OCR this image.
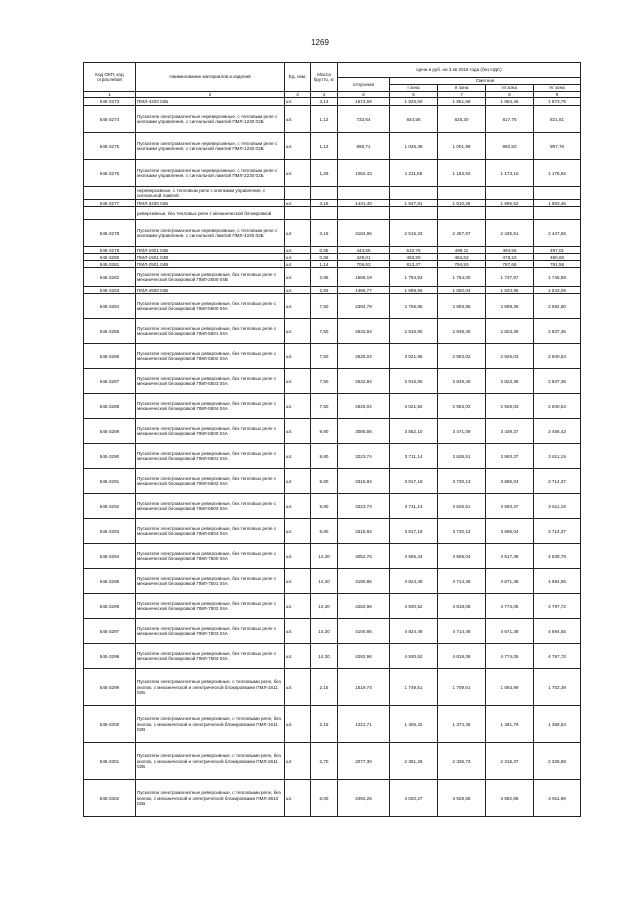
1269
Код ОКП, код отраслевой	Наименование материалов и изделий	Ед. изм.	Масса брутто, кг	Цена в руб. на 3 кв 2018 года (без НДС)				
				отпускная	Сметная			
					I зона	II зона	III зона	IV зона
1	2	3	4	5	6	7	8	9
545-3273	ПМЛ-4220 02Б	шт.	3,14	1672,69	1 925,60	1 851,68	1 864,46	1 873,75
545-3274	Пускатели электромагнитные нереверсивные, с тепловым реле с кнопками управления, с сигнальной лампой ПМЛ-1230 02Б	шт.	1,13	733,64	844,56	825,30	817,76	821,81
545-3275	Пускатели электромагнитные нереверсивные, с тепловым реле с кнопками управления, с сигнальной лампой ПМЛ-1230 02В	шт.	1,13	890,71	1 025,38	1 001,99	992,83	997,76
545-3276	Пускатели электромагнитные нереверсивные, с тепловым реле с кнопками управления, с сигнальной лампой ПМЛ-2230 02Б	шт.	1,29	1052,43	1 211,55	1 183,92	1 173,10	1 176,92
	нереверсивные, с тепловым реле с кнопками управления, с сигнальной лампой							
545-3277	ПМЛ-3230 02Б	шт.	3,16	1431,40	1 647,81	1 610,25	1 595,52	1 603,46
	реверсивные, без тепловых реле с механической блокировкой							
545-3278	Пускатели электромагнитные нереверсивные, с тепловым реле с кнопками управления, с сигнальной лампой ПМЛ-4230 02Б	шт.	3,16	2184,96	2 515,33	2 457,97	2 435,51	2 447,56
545-3279	ПМЛ-1501 04Б	шт.	0,66	443,56	510,76	499,11	494,55	497,01
545-3280	ПМЛ-1501 04В	шт.	0,66	429,01	493,90	482,63	478,22	480,60
545-3281	ПМЛ-2501 04В	шт.	1,14	706,63	813,47	794,93	787,66	791,58
545-3282	Пускатели электромагнитные реверсивные, без тепловых реле с механической блокировкой ПМЛ-2500 04В	шт.	2,85	1559,19	1 794,93	1 754,00	1 737,97	1 746,59
545-3283	ПМЛ-4500 04Б	шт.	2,83	1466,77	1 688,55	1 650,04	1 634,95	1 643,09
545-3284	Пускатели электромагнитные реверсивные, без тепловых реле с механической блокировкой ПМЛ-5500 04А	шт.	7,50	2394,78	2 756,85	2 693,95	2 669,36	2 682,60
545-3285	Пускатели электромагнитные реверсивные, без тепловых реле с механической блокировкой ПМЛ-5501 04А	шт.	7,50	2532,94	2 915,90	2 849,40	2 823,36	2 837,36
545-3286	Пускатели электромагнитные реверсивные, без тепловых реле с механической блокировкой ПМЛ-5502 04А	шт.	7,50	2625,04	3 021,95	2 953,02	2 926,03	2 940,54
545-3287	Пускатели электромагнитные реверсивные, без тепловых реле с механической блокировкой ПМЛ-5503 04А	шт.	7,50	2532,94	2 915,90	2 849,40	2 823,36	2 837,36
545-3288	Пускатели электромагнитные реверсивные, без тепловых реле с механической блокировкой ПМЛ-5504 04А	шт.	7,50	2625,04	3 021,92	2 953,02	2 926,03	2 940,54
545-3289	Пускатели электромагнитные реверсивные, без тепловых реле с механической блокировкой ПМЛ-6500 04А	шт.	9,80	3085,56	3 552,10	3 471,09	3 439,37	3 456,42
545-3290	Пускатели электромагнитные реверсивные, без тепловых реле с механической блокировкой ПМЛ-6501 04А	шт.	9,80	3223,74	3 711,14	3 626,51	3 593,37	3 611,19
545-3291	Пускатели электромагнитные реверсивные, без тепловых реле с механической блокировкой ПМЛ-6502 04А	шт.	9,80	3315,84	3 817,18	3 730,13	3 696,04	3 714,37
545-3292	Пускатели электромагнитные реверсивные, без тепловых реле с механической блокировкой ПМЛ-6503 04А	шт.	9,80	3223,74	3 711,14	3 626,51	3 593,37	3 611,19
545-3293	Пускатели электромагнитные реверсивные, без тепловых реле с механической блокировкой ПМЛ-6504 04А	шт.	9,80	3315,84	3 817,18	3 730,13	3 696,04	3 714,37
545-3294	Пускатели электромагнитные реверсивные, без тепловых реле с механической блокировкой ПМЛ-7500 04А	шт.	14,30	4052,70	4 665,44	4 559,04	4 517,38	4 539,78
545-3295	Пускатели электромагнитные реверсивные, без тепловых реле с механической блокировкой ПМЛ-7501 04А	шт.	14,30	4190,86	4 824,49	4 714,46	4 671,38	4 694,55
545-3296	Пускатели электромагнитные реверсивные, без тепловых реле с механической блокировкой ПМЛ-7502 04А	шт.	14,30	4282,96	4 930,52	4 818,08	4 774,05	4 797,72
545-3297	Пускатели электромагнитные реверсивные, без тепловых реле с механической блокировкой ПМЛ-7503 04А	шт.	14,30	4190,86	4 824,49	4 714,46	4 671,38	4 694,55
545-3298	Пускатели электромагнитные реверсивные, без тепловых реле с механической блокировкой ПМЛ-7504 04А	шт.	14,30	4282,96	4 930,52	4 818,08	4 774,05	4 797,72
545-3299	Пускатели электромагнитные реверсивные, с тепловыми реле, без кнопок, с механической и электрической блокировками ПМЛ-1611 02Б	шт.	2,15	1519,74	1 749,51	1 709,61	1 693,99	1 702,39
545-3300	Пускатели электромагнитные реверсивные, с тепловыми реле, без кнопок, с механической и электрической блокировками ПМЛ-1611 02В	шт.	2,15	1221,71	1 406,42	1 374,35	1 361,79	1 368,54
545-3301	Пускатели электромагнитные реверсивные, с тепловыми реле, без кнопок, с механической и электрической блокировками ПМЛ-2611 02Б	шт.	2,70	2077,30	2 391,26	2 336,73	2 315,37	2 326,88
545-3302	Пускатели электромагнитные реверсивные, с тепловыми реле, без кнопок, с механической и электрической блокировками ПМЛ-3610 02В	шт.	6,00	3492,26	4 020,27	3 928,58	3 892,68	3 911,98
